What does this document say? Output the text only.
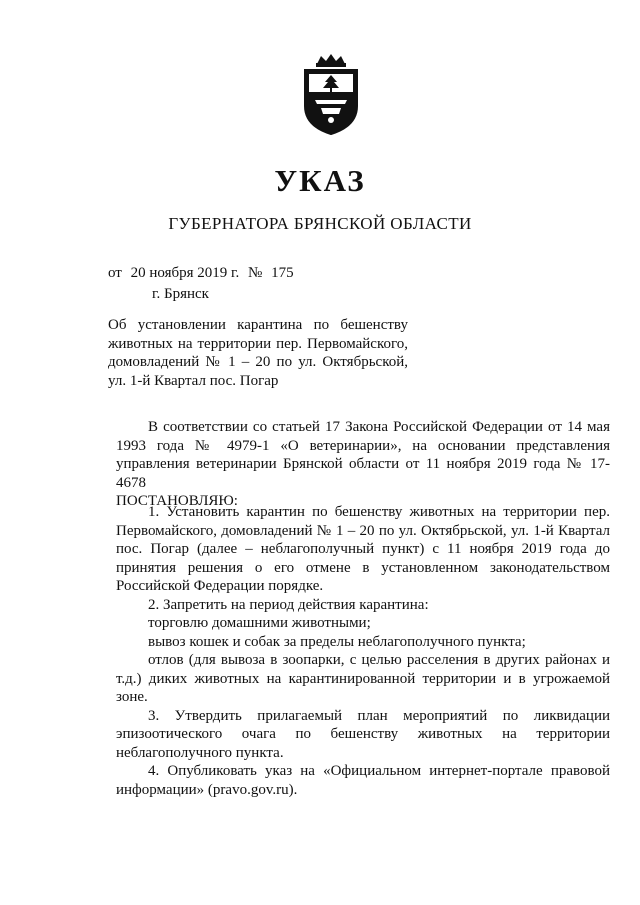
УКАЗ
ГУБЕРНАТОРА БРЯНСКОЙ ОБЛАСТИ
от 20 ноября 2019 г. № 175
г. Брянск
Об установлении карантина по бешенству
животных на территории пер. Первомайского,
домовладений № 1 – 20 по ул. Октябрьской,
ул. 1-й Квартал пос. Погар

В соответствии со статьей 17 Закона Российской Федерации от 14 мая 1993 года № 4979-1 «О ветеринарии», на основании представления управления ветеринарии Брянской области от 11 ноября 2019 года № 17-4678

ПОСТАНОВЛЯЮ:

1. Установить карантин по бешенству животных на территории пер. Первомайского, домовладений № 1 – 20 по ул. Октябрьской, ул. 1-й Квартал пос. Погар (далее – неблагополучный пункт) с 11 ноября 2019 года до принятия решения о его отмене в установленном законодательством Российской Федерации порядке.

2. Запретить на период действия карантина:

торговлю домашними животными;

вывоз кошек и собак за пределы неблагополучного пункта;

отлов (для вывоза в зоопарки, с целью расселения в других районах и т.д.) диких животных на карантинированной территории и в угрожаемой зоне.

3. Утвердить прилагаемый план мероприятий по ликвидации эпизоотического очага по бешенству животных на территории неблагополучного пункта.

4. Опубликовать указ на «Официальном интернет-портале правовой информации» (pravo.gov.ru).
